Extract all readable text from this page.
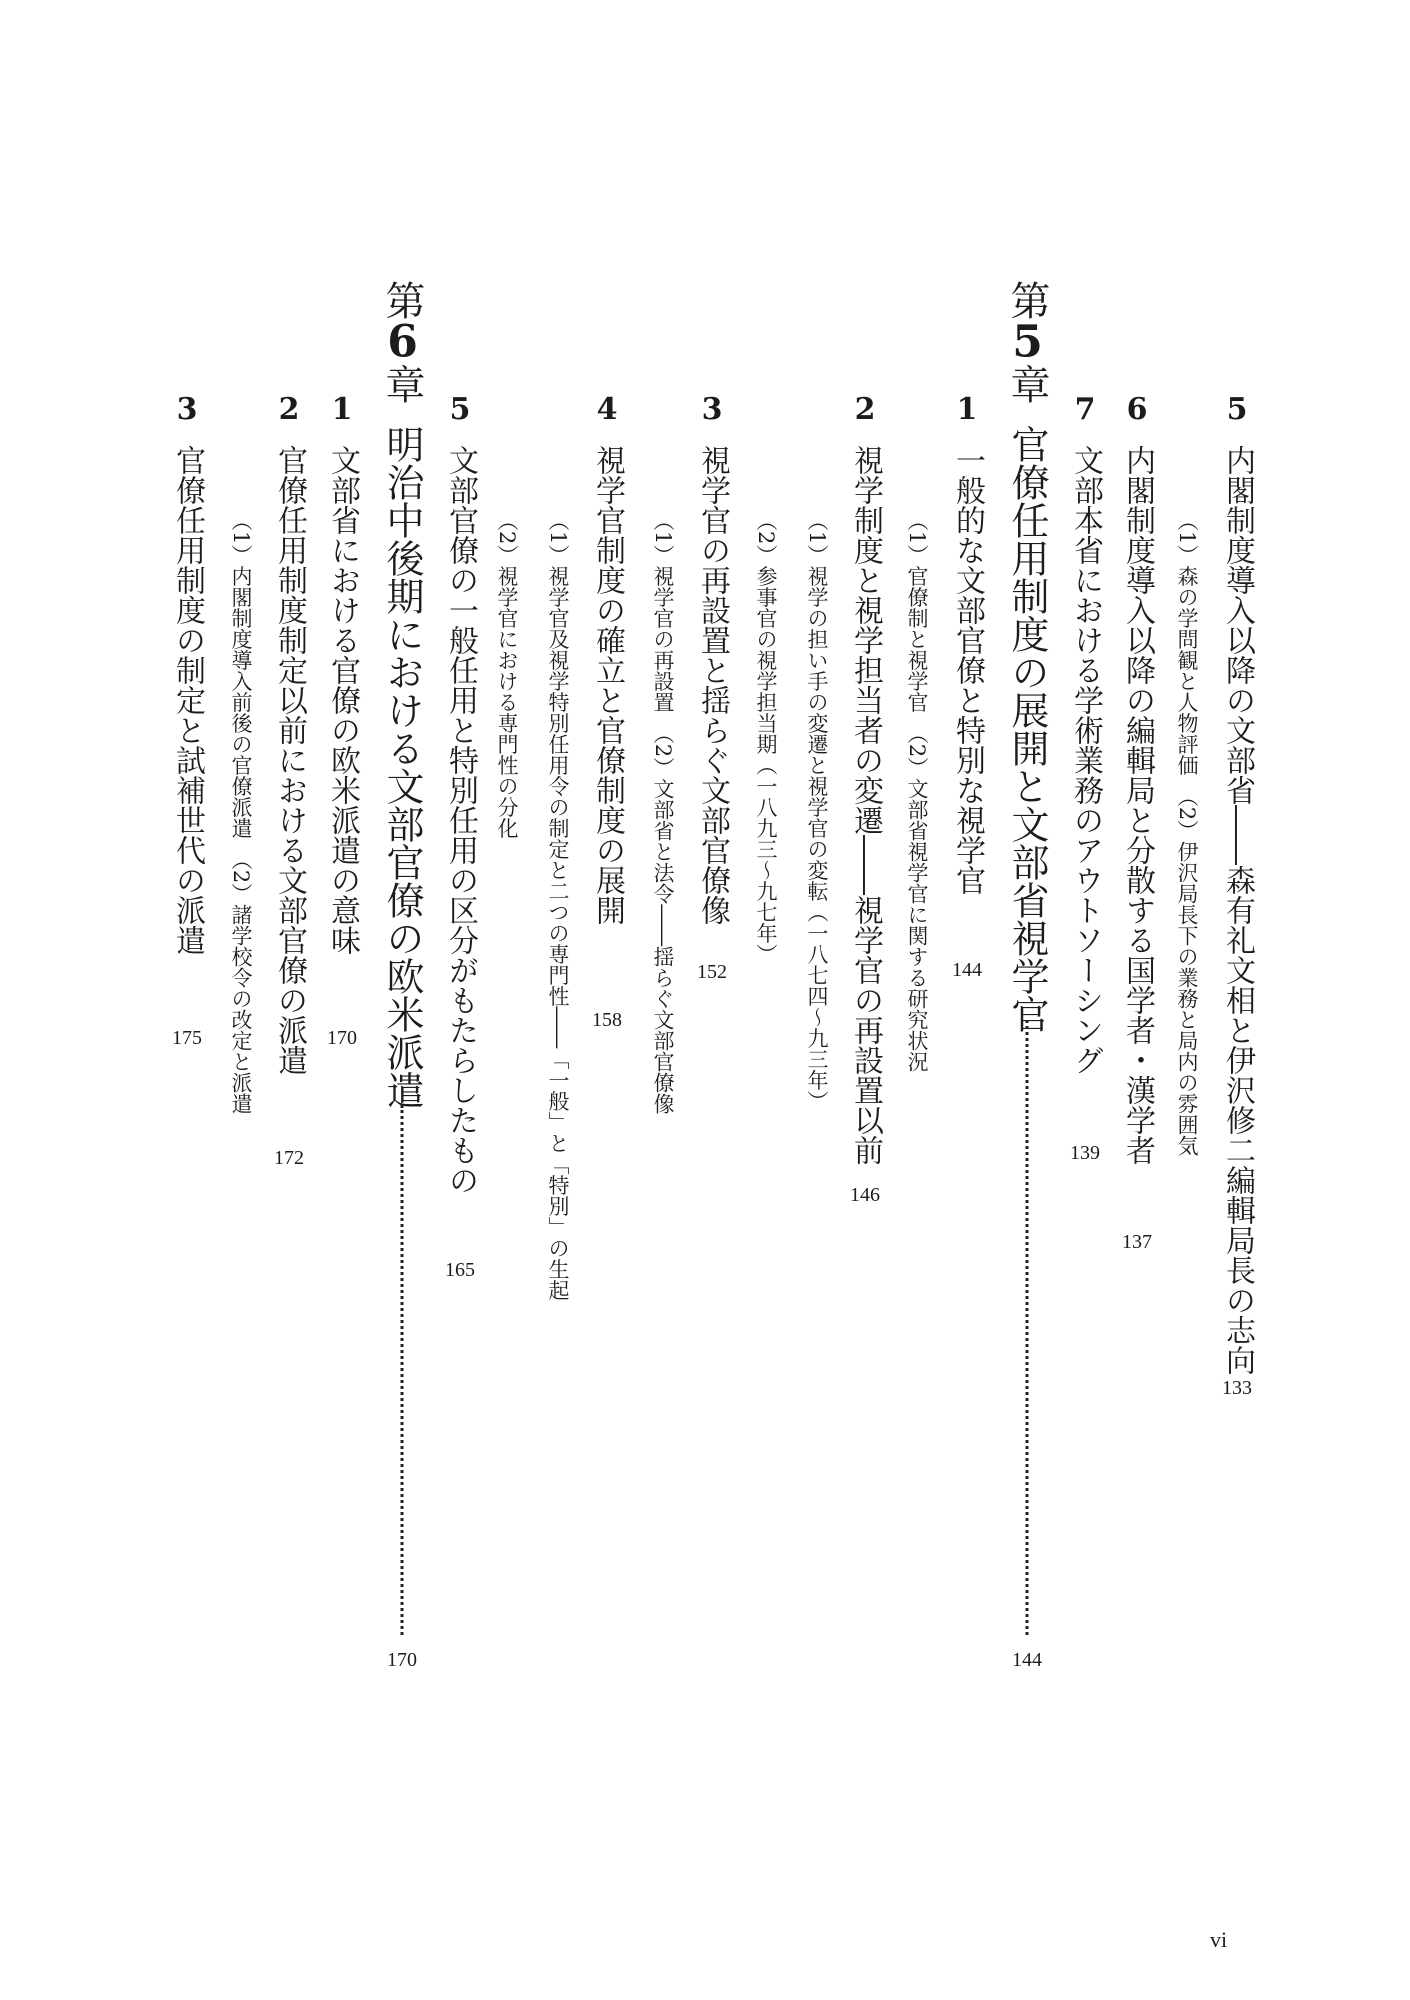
5
内閣制度導入以降の文部省――森有礼文相と伊沢修二編輯局長の志向
133
（1）森の学問観と人物評価　（2）伊沢局長下の業務と局内の雰囲気
6
内閣制度導入以降の編輯局と分散する国学者・漢学者
137
7
文部本省における学術業務のアウトソーシング
139
第5章
官僚任用制度の展開と文部省視学官
144
1
一般的な文部官僚と特別な視学官
144
（1）官僚制と視学官　（2）文部省視学官に関する研究状況
2
視学制度と視学担当者の変遷――視学官の再設置以前
146
（1）視学の担い手の変遷と視学官の変転（一八七四～九三年）
（2）参事官の視学担当期（一八九三～九七年）
3
視学官の再設置と揺らぐ文部官僚像
152
（1）視学官の再設置　（2）文部省と法令――揺らぐ文部官僚像
4
視学官制度の確立と官僚制度の展開
158
（1）視学官及視学特別任用令の制定と二つの専門性――「一般」と「特別」の生起
（2）視学官における専門性の分化
5
文部官僚の一般任用と特別任用の区分がもたらしたもの
165
第6章
明治中後期における文部官僚の欧米派遣
170
1
文部省における官僚の欧米派遣の意味
170
2
官僚任用制度制定以前における文部官僚の派遣
172
（1）内閣制度導入前後の官僚派遣　（2）諸学校令の改定と派遣
3
官僚任用制度の制定と試補世代の派遣
175
vi
